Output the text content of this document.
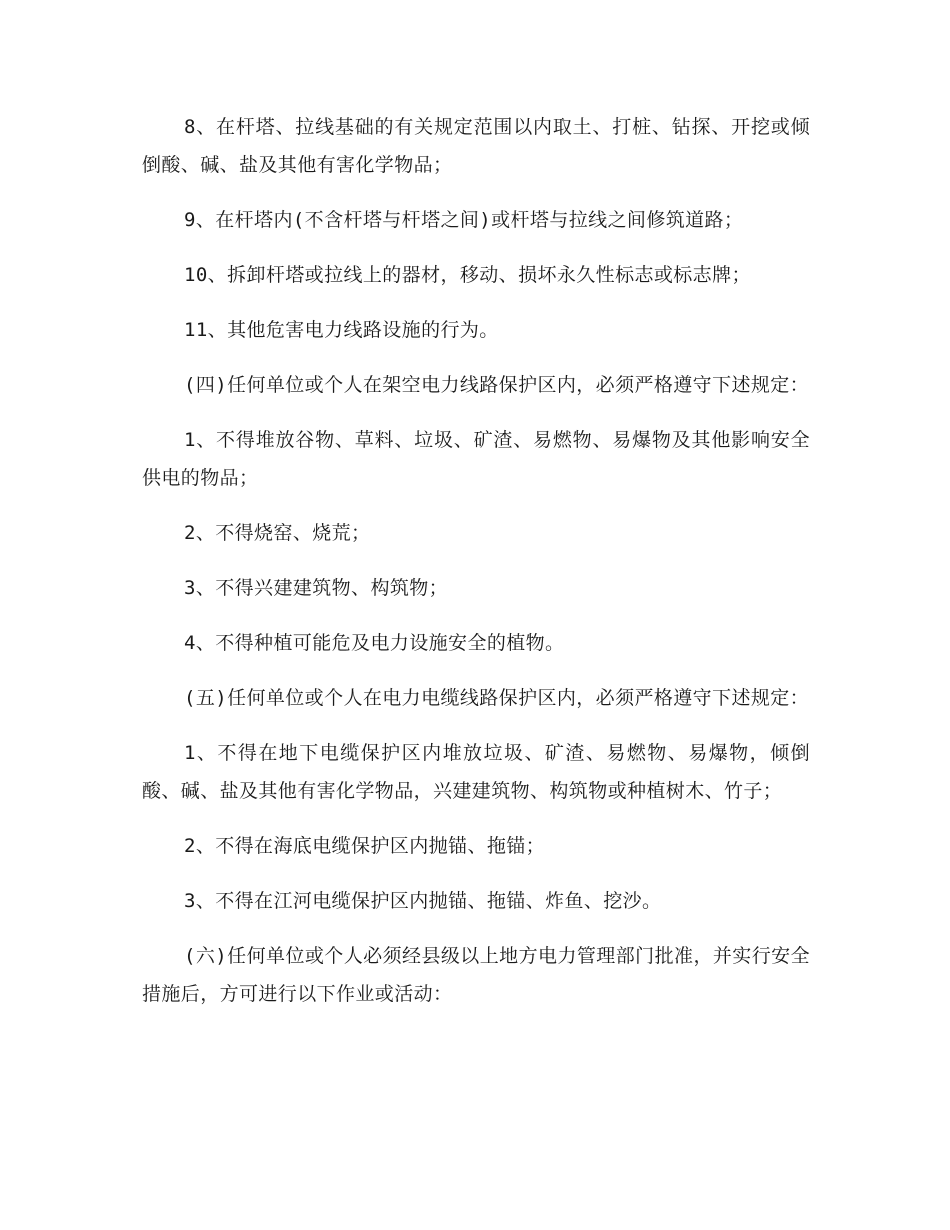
8、在杆塔、拉线基础的有关规定范围以内取土、打桩、钻探、开挖或倾倒酸、碱、盐及其他有害化学物品；

9、在杆塔内(不含杆塔与杆塔之间)或杆塔与拉线之间修筑道路；

10、拆卸杆塔或拉线上的器材，移动、损坏永久性标志或标志牌；

11、其他危害电力线路设施的行为。

(四)任何单位或个人在架空电力线路保护区内，必须严格遵守下述规定：

1、不得堆放谷物、草料、垃圾、矿渣、易燃物、易爆物及其他影响安全供电的物品；

2、不得烧窑、烧荒；

3、不得兴建建筑物、构筑物；

4、不得种植可能危及电力设施安全的植物。

(五)任何单位或个人在电力电缆线路保护区内，必须严格遵守下述规定：

1、不得在地下电缆保护区内堆放垃圾、矿渣、易燃物、易爆物，倾倒酸、碱、盐及其他有害化学物品，兴建建筑物、构筑物或种植树木、竹子；

2、不得在海底电缆保护区内抛锚、拖锚；

3、不得在江河电缆保护区内抛锚、拖锚、炸鱼、挖沙。

(六)任何单位或个人必须经县级以上地方电力管理部门批准，并实行安全措施后，方可进行以下作业或活动：
